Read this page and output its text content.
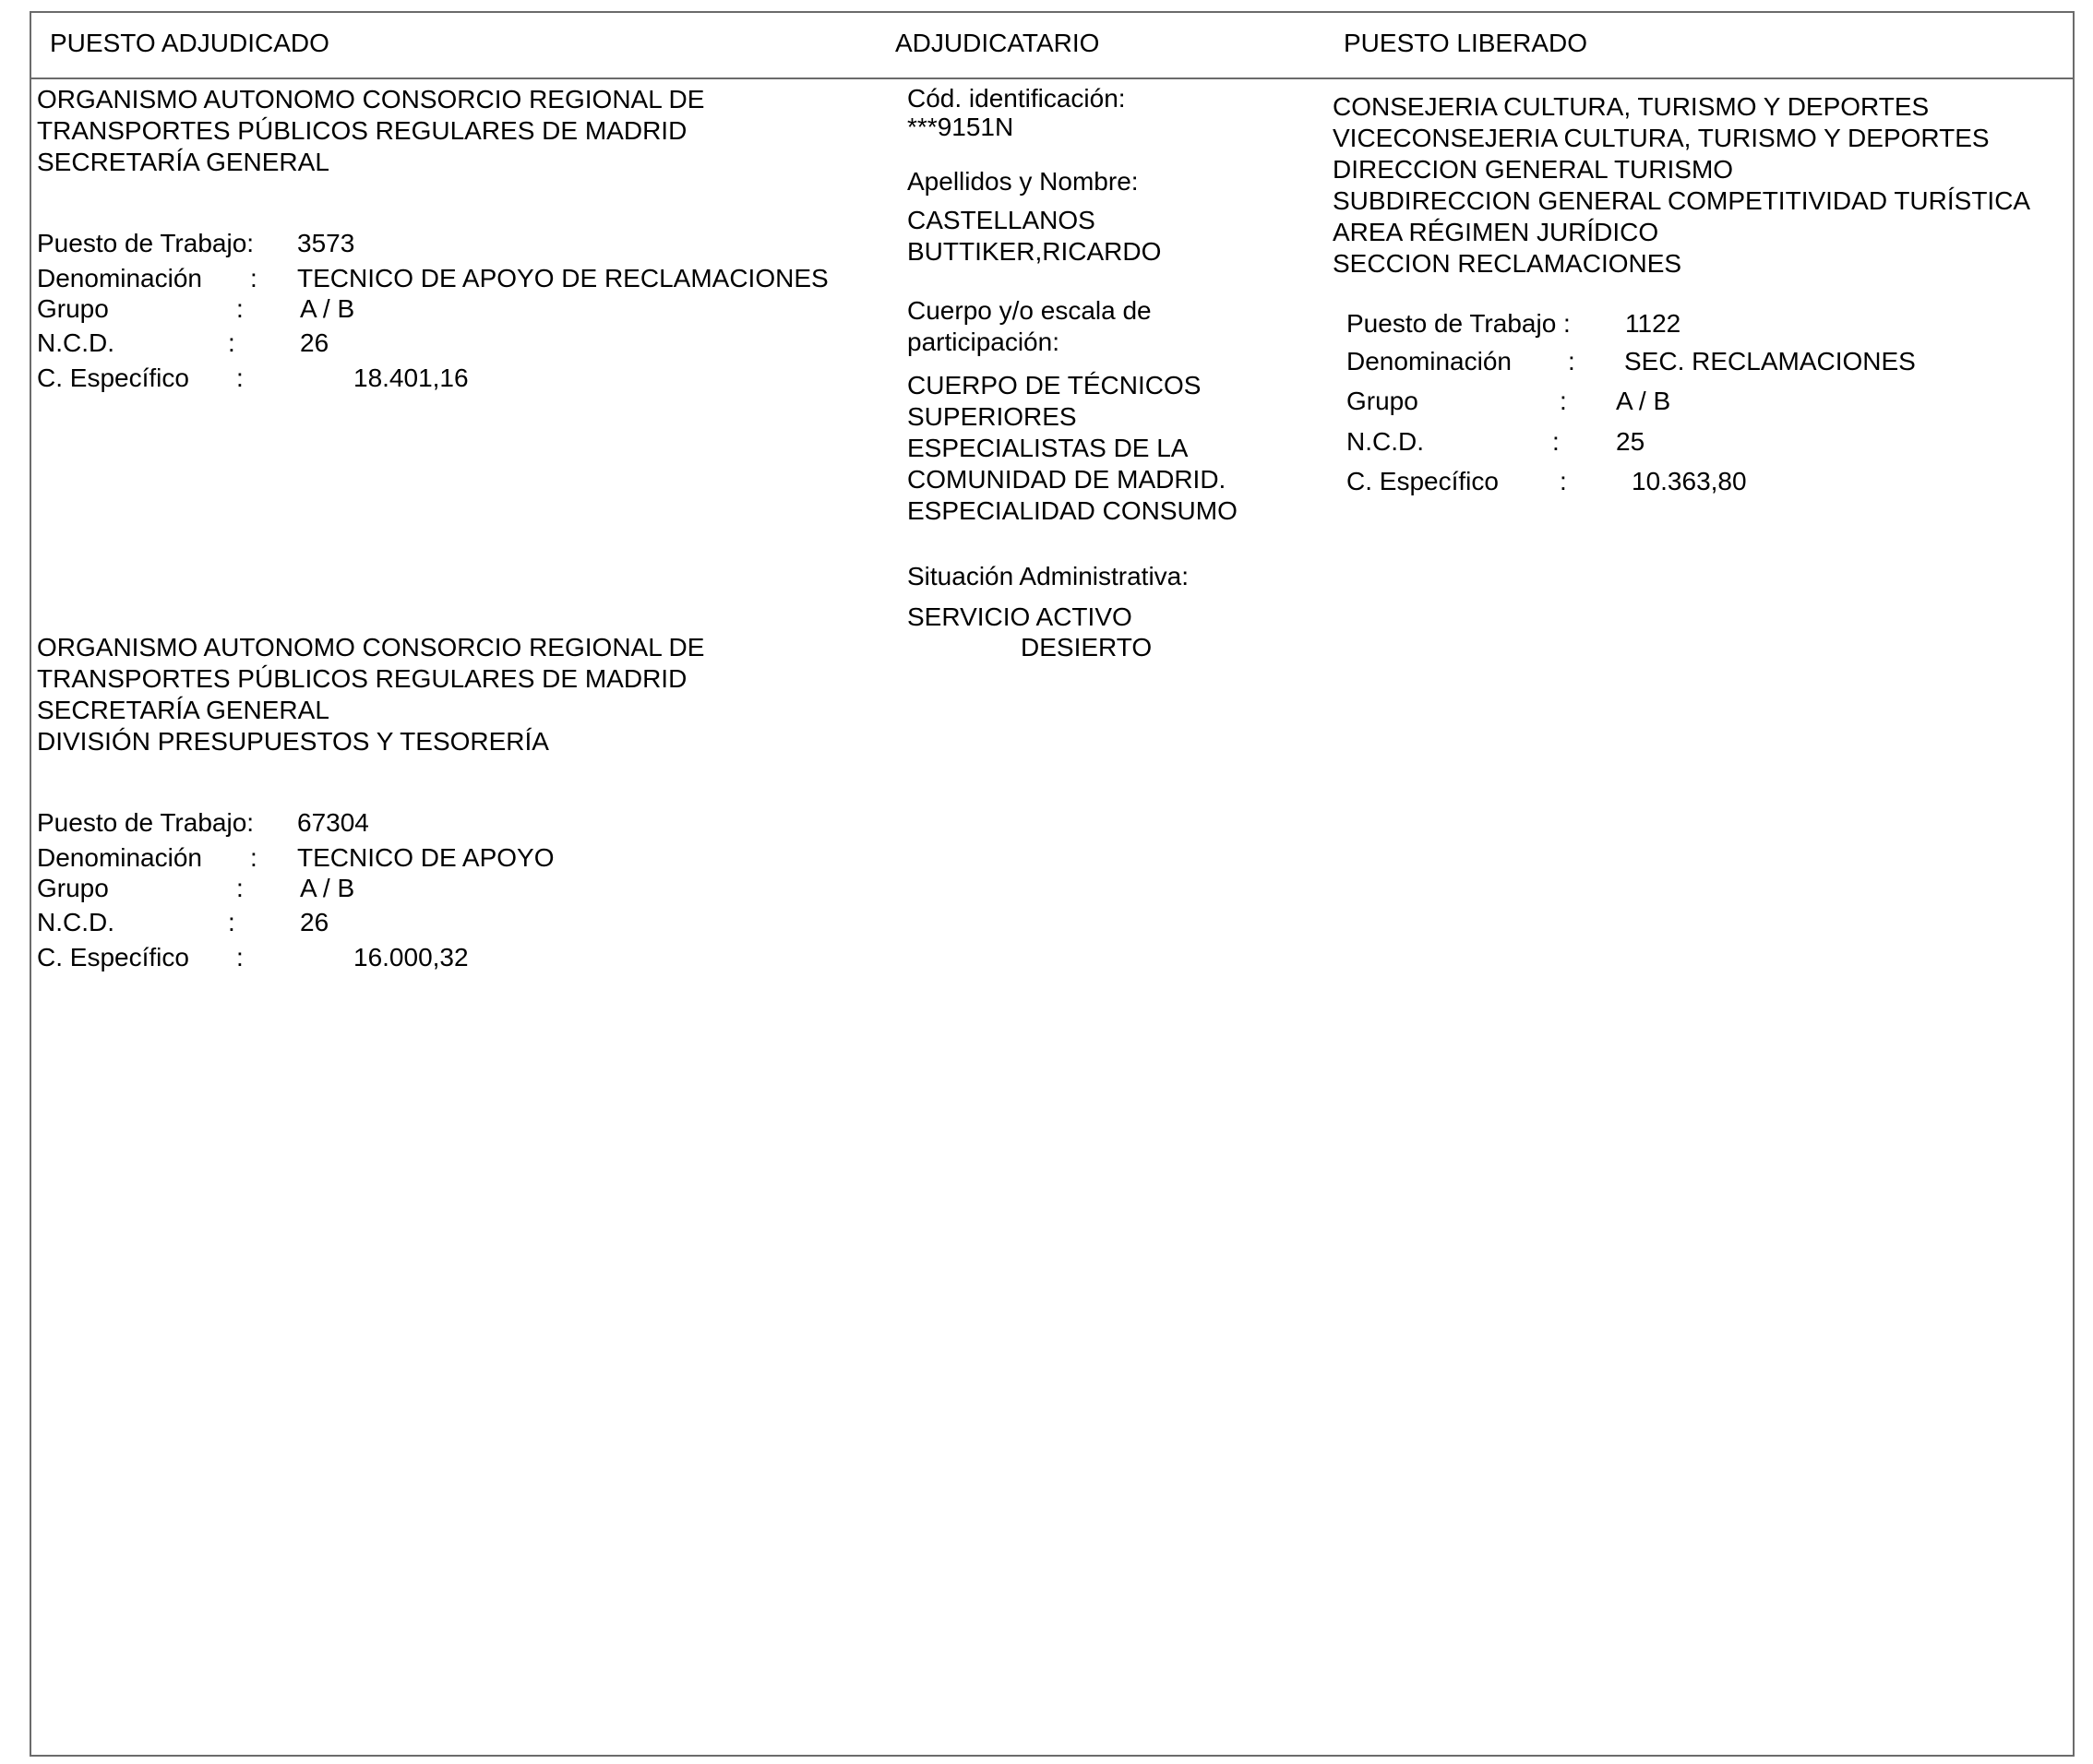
PUESTO ADJUDICADO	ADJUDICATARIO	PUESTO LIBERADO
ORGANISMO AUTONOMO CONSORCIO REGIONAL DE
TRANSPORTES PÚBLICOS REGULARES DE MADRID
SECRETARÍA GENERAL
Puesto de Trabajo: 3573
Denominación : TECNICO DE APOYO DE RECLAMACIONES
Grupo	: A / B
N.C.D.	:	26
C. Específico :	18.401,16
ORGANISMO AUTONOMO CONSORCIO REGIONAL DE
TRANSPORTES PÚBLICOS REGULARES DE MADRID
SECRETARÍA GENERAL
DIVISIÓN PRESUPUESTOS Y TESORERÍA
Puesto de Trabajo: 67304
Denominación : TECNICO DE APOYO
Grupo	: A / B
N.C.D.	:	26
C. Específico :	16.000,32
Cód. identificación:
***9151N
Apellidos y Nombre:
CASTELLANOS
BUTTIKER,RICARDO
Cuerpo y/o escala de
participación:
CUERPO DE TÉCNICOS
SUPERIORES
ESPECIALISTAS DE LA
COMUNIDAD DE MADRID.
ESPECIALIDAD CONSUMO
Situación Administrativa:
SERVICIO ACTIVO
DESIERTO
CONSEJERIA CULTURA, TURISMO Y DEPORTES
VICECONSEJERIA CULTURA, TURISMO Y DEPORTES
DIRECCION GENERAL TURISMO
SUBDIRECCION GENERAL COMPETITIVIDAD TURÍSTICA
AREA RÉGIMEN JURÍDICO
SECCION RECLAMACIONES
Puesto de Trabajo : 1122
Denominación : SEC. RECLAMACIONES
Grupo	: A / B
N.C.D.	: 25
C. Específico :	10.363,80
